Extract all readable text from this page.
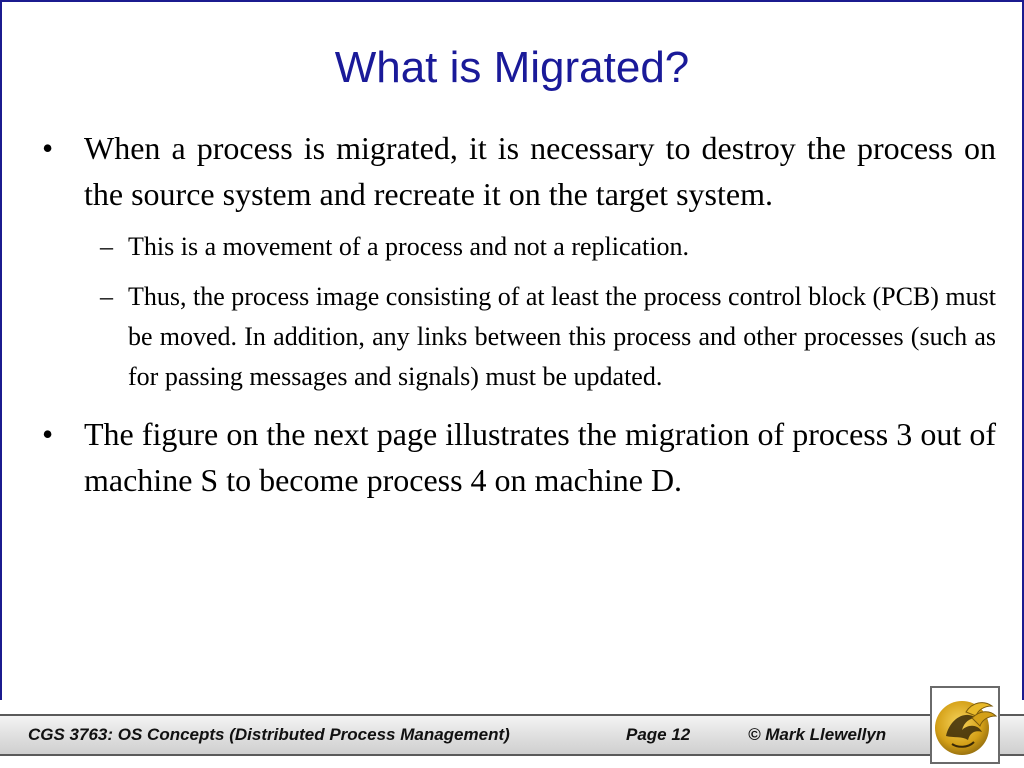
What is Migrated?
• When a process is migrated, it is necessary to destroy the process on the source system and recreate it on the target system.
– This is a movement of a process and not a replication.
– Thus, the process image consisting of at least the process control block (PCB) must be moved. In addition, any links between this process and other processes (such as for passing messages and signals) must be updated.
• The figure on the next page illustrates the migration of process 3 out of machine S to become process 4 on machine D.
CGS 3763: OS Concepts (Distributed Process Management)	Page 12	© Mark Llewellyn
